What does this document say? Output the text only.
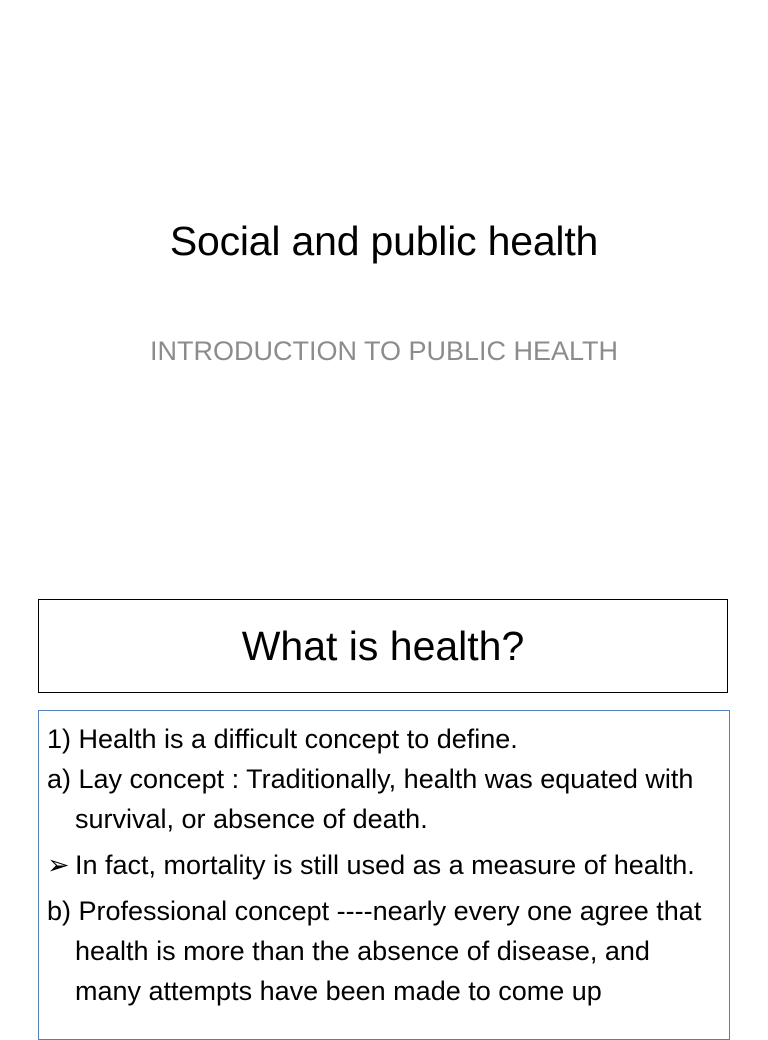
Social and public health
INTRODUCTION TO PUBLIC HEALTH
What is health?

1) Health is a difficult concept to define.

a) Lay concept : Traditionally, health was equated with survival, or absence of death.

➢ In fact, mortality is still used as a measure of health.

b) Professional concept ----nearly every one agree that health is more than the absence of disease, and many attempts have been made to come up
